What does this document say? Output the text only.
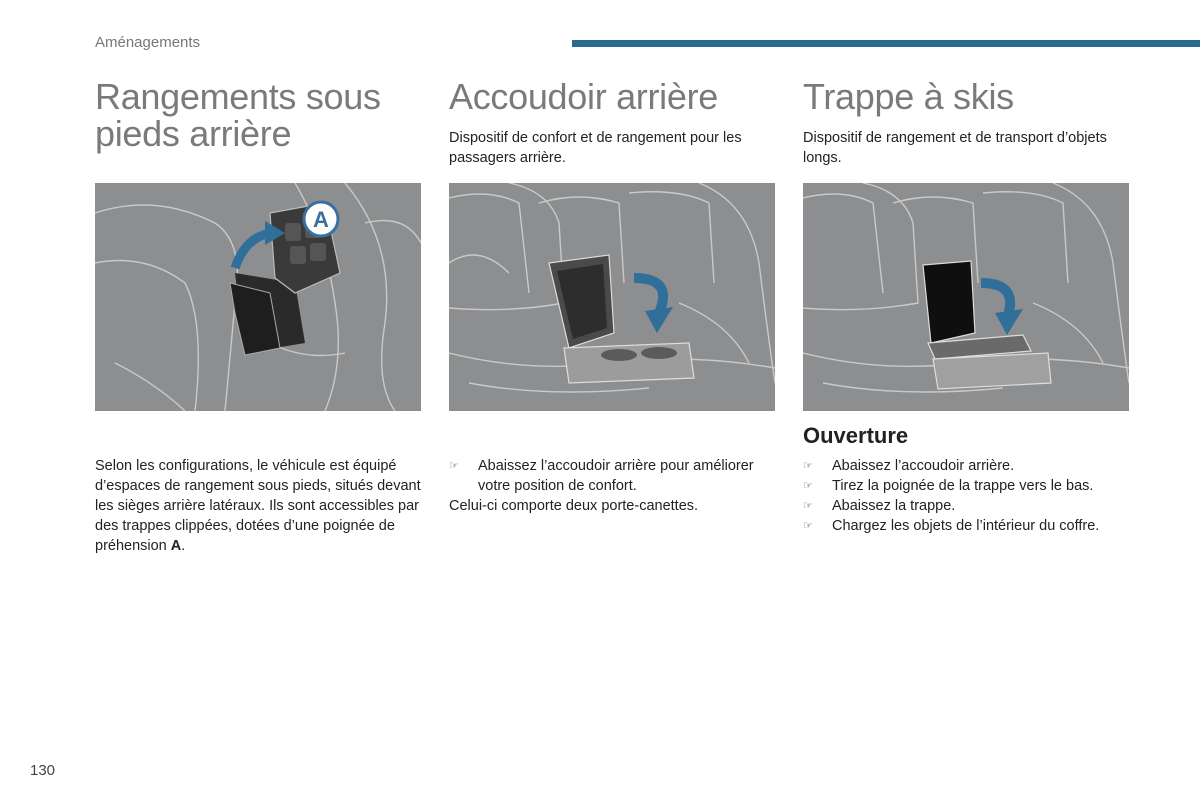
Aménagements
Rangements sous
pieds arrière
A
Selon les configurations, le véhicule est équipé d’espaces de rangement sous pieds, situés devant les sièges arrière latéraux. Ils sont accessibles par des trappes clippées, dotées d’une poignée de préhension A.
Accoudoir arrière
Dispositif de confort et de rangement pour les passagers arrière.
☞ Abaissez l’accoudoir arrière pour améliorer votre position de confort.
Celui-ci comporte deux porte-canettes.
Trappe à skis
Dispositif de rangement et de transport d’objets longs.
Ouverture
☞ Abaissez l’accoudoir arrière.
☞ Tirez la poignée de la trappe vers le bas.
☞ Abaissez la trappe.
☞ Chargez les objets de l’intérieur du coffre.
130
